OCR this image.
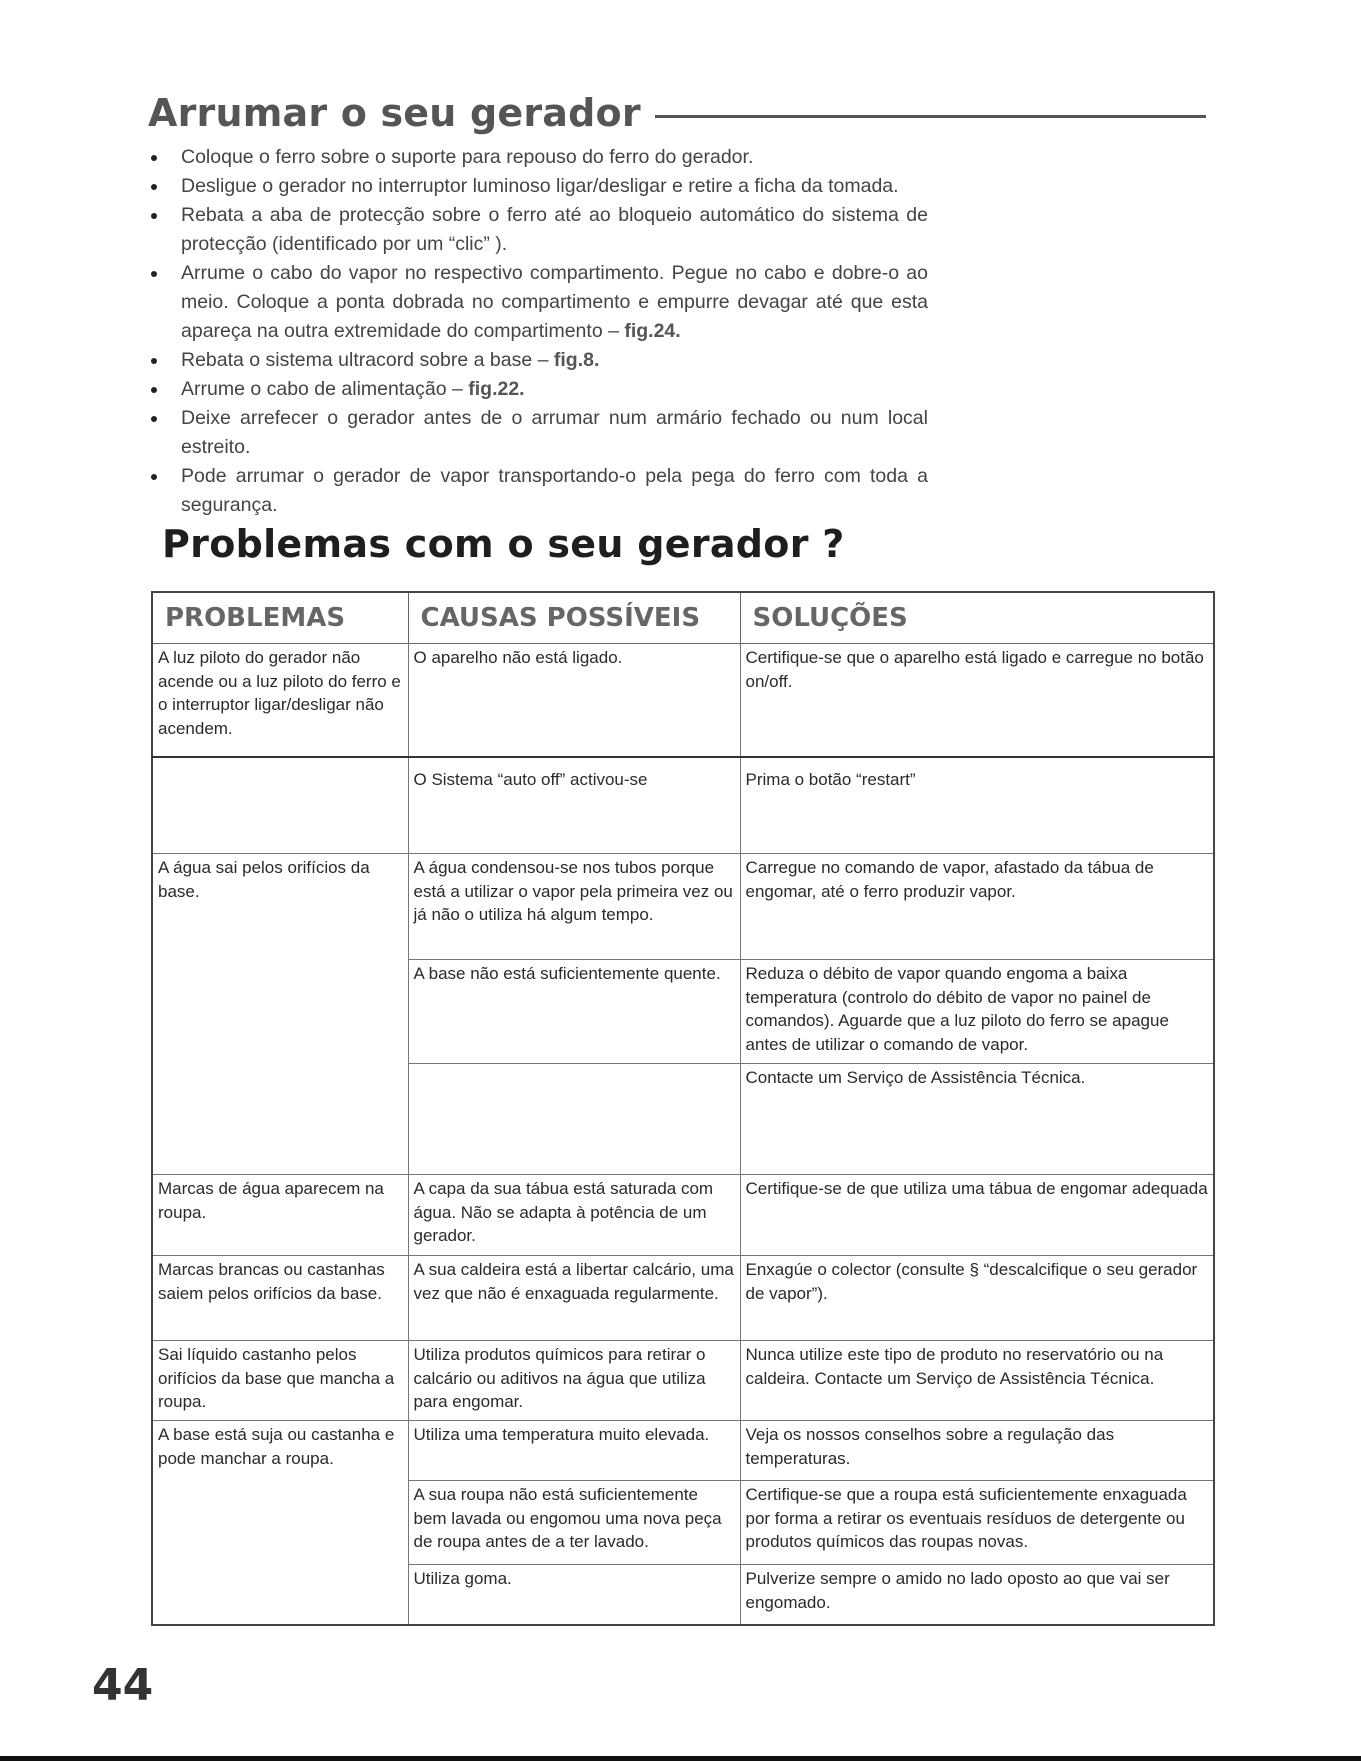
Arrumar o seu gerador
Coloque o ferro sobre o suporte para repouso do ferro do gerador.
Desligue o gerador no interruptor luminoso ligar/desligar e retire a ficha da tomada.
Rebata a aba de protecção sobre o ferro até ao bloqueio automático do sistema de protecção (identificado por um “clic” ).
Arrume o cabo do vapor no respectivo compartimento. Pegue no cabo e dobre-o ao meio. Coloque a ponta dobrada no compartimento e empurre devagar até que esta apareça na outra extremidade do compartimento – fig.24.
Rebata o sistema ultracord sobre a base – fig.8.
Arrume o cabo de alimentação – fig.22.
Deixe arrefecer o gerador antes de o arrumar num armário fechado ou num local estreito.
Pode arrumar o gerador de vapor transportando-o pela pega do ferro com toda a segurança.
Problemas com o seu gerador ?
PROBLEMAS	CAUSAS POSSÍVEIS	SOLUÇÕES
A luz piloto do gerador não acende ou a luz piloto do ferro e o interruptor ligar/desligar não acendem.	O aparelho não está ligado.	Certifique-se que o aparelho está ligado e carregue no botão on/off.
	O Sistema “auto off” activou-se	Prima o botão “restart”
A água sai pelos orifícios da base.	A água condensou-se nos tubos porque está a utilizar o vapor pela primeira vez ou já não o utiliza há algum tempo.	Carregue no comando de vapor, afastado da tábua de engomar, até o ferro produzir vapor.
	A base não está suficientemente quente.	Reduza o débito de vapor quando engoma a baixa temperatura (controlo do débito de vapor no painel de comandos). Aguarde que a luz piloto do ferro se apague antes de utilizar o comando de vapor.
		Contacte um Serviço de Assistência Técnica.
Marcas de água aparecem na roupa.	A capa da sua tábua está saturada com água. Não se adapta à potência de um gerador.	Certifique-se de que utiliza uma tábua de engomar adequada
Marcas brancas ou castanhas saiem pelos orifícios da base.	A sua caldeira está a libertar calcário, uma vez que não é enxaguada regularmente.	Enxagúe o colector (consulte § “descalcifique o seu gerador de vapor”).
Sai líquido castanho pelos orifícios da base que mancha a roupa.	Utiliza produtos químicos para retirar o calcário ou aditivos na água que utiliza para engomar.	Nunca utilize este tipo de produto no reservatório ou na caldeira. Contacte um Serviço de Assistência Técnica.
A base está suja ou castanha e pode manchar a roupa.	Utiliza uma temperatura muito elevada.	Veja os nossos conselhos sobre a regulação das temperaturas.
	A sua roupa não está suficientemente bem lavada ou engomou uma nova peça de roupa antes de a ter lavado.	Certifique-se que a roupa está suficientemente enxaguada por forma a retirar os eventuais resíduos de detergente ou produtos químicos das roupas novas.
	Utiliza goma.	Pulverize sempre o amido no lado oposto ao que vai ser engomado.
44
